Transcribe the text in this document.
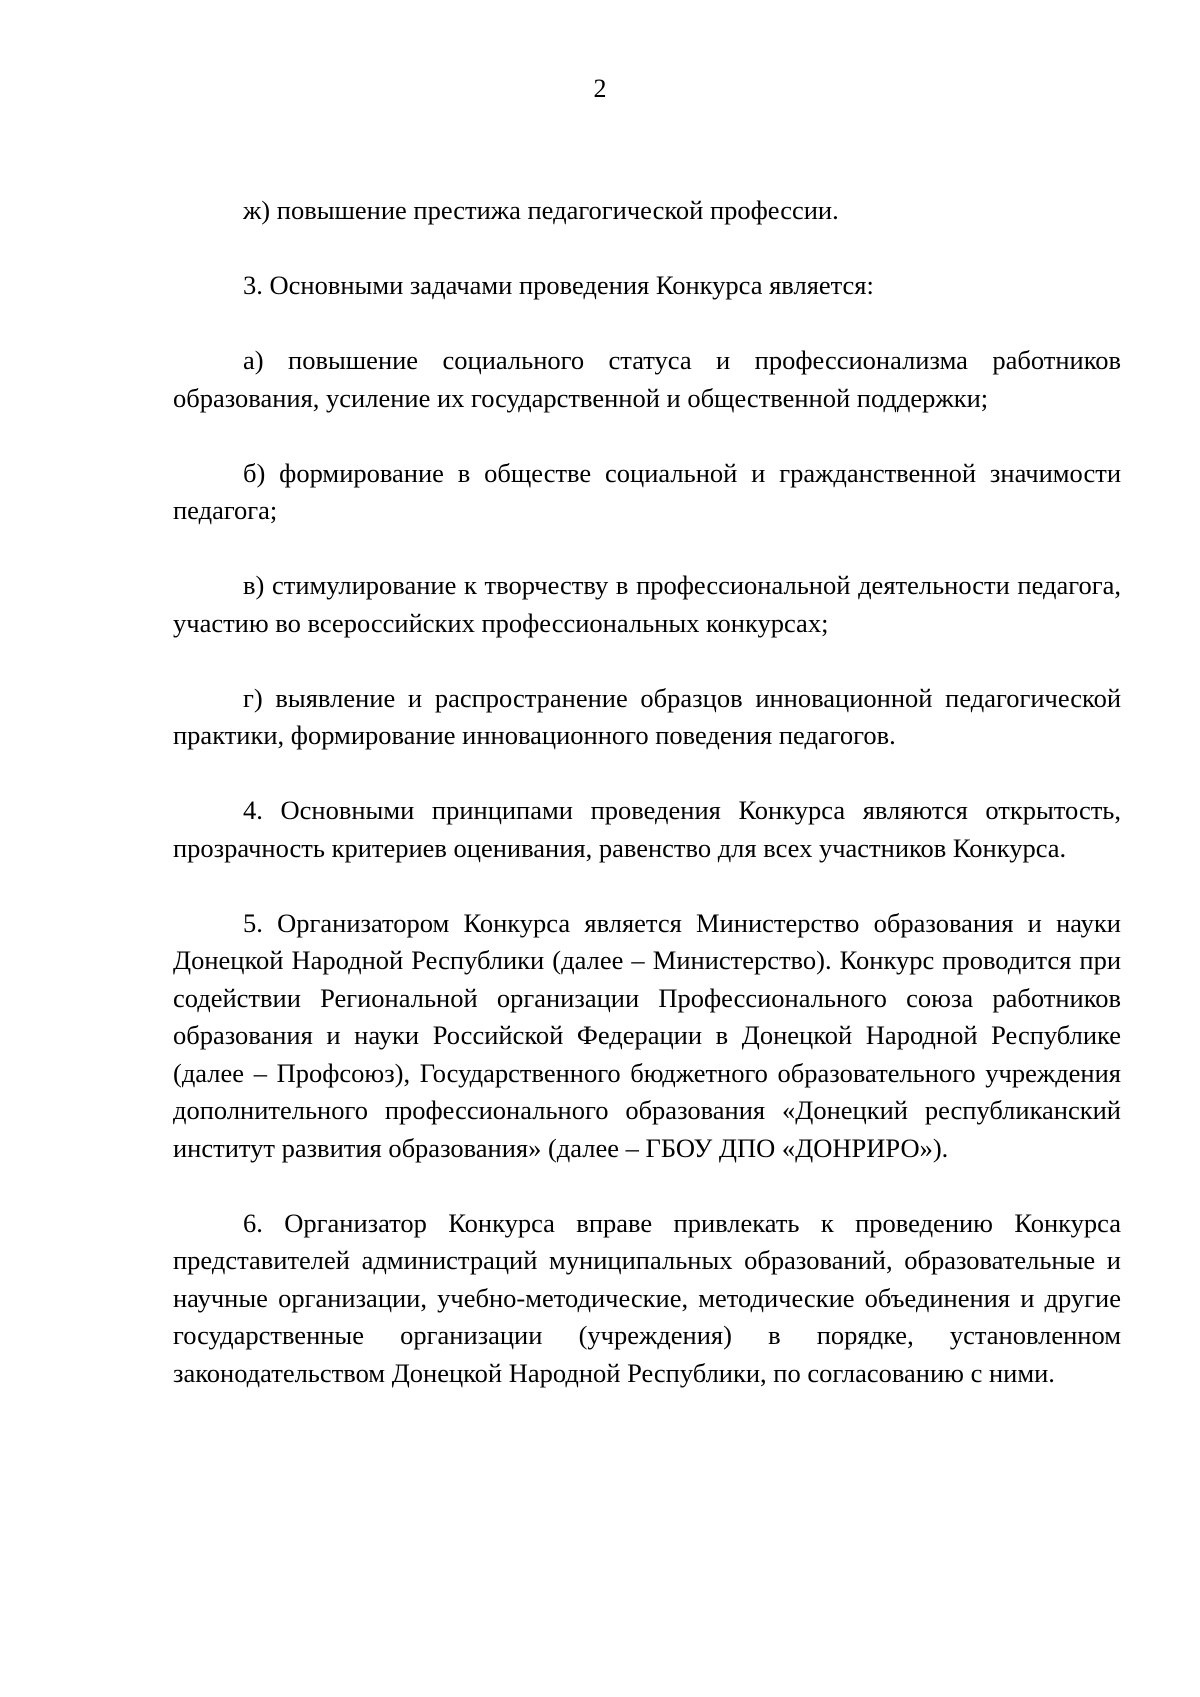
2

ж) повышение престижа педагогической профессии.

3. Основными задачами проведения Конкурса является:

а) повышение социального статуса и профессионализма работников образования, усиление их государственной и общественной поддержки;

б) формирование в обществе социальной и гражданственной значимости педагога;

в) стимулирование к творчеству в профессиональной деятельности педагога, участию во всероссийских профессиональных конкурсах;

г) выявление и распространение образцов инновационной педагогической практики, формирование инновационного поведения педагогов.

4. Основными принципами проведения Конкурса являются открытость, прозрачность критериев оценивания, равенство для всех участников Конкурса.

5. Организатором Конкурса является Министерство образования и науки Донецкой Народной Республики (далее – Министерство). Конкурс проводится при содействии Региональной организации Профессионального союза работников образования и науки Российской Федерации в Донецкой Народной Республике (далее – Профсоюз), Государственного бюджетного образовательного учреждения дополнительного профессионального образования «Донецкий республиканский институт развития образования» (далее – ГБОУ ДПО «ДОНРИРО»).

6. Организатор Конкурса вправе привлекать к проведению Конкурса представителей администраций муниципальных образований, образовательные и научные организации, учебно-методические, методические объединения и другие государственные организации (учреждения) в порядке, установленном законодательством Донецкой Народной Республики, по согласованию с ними.
